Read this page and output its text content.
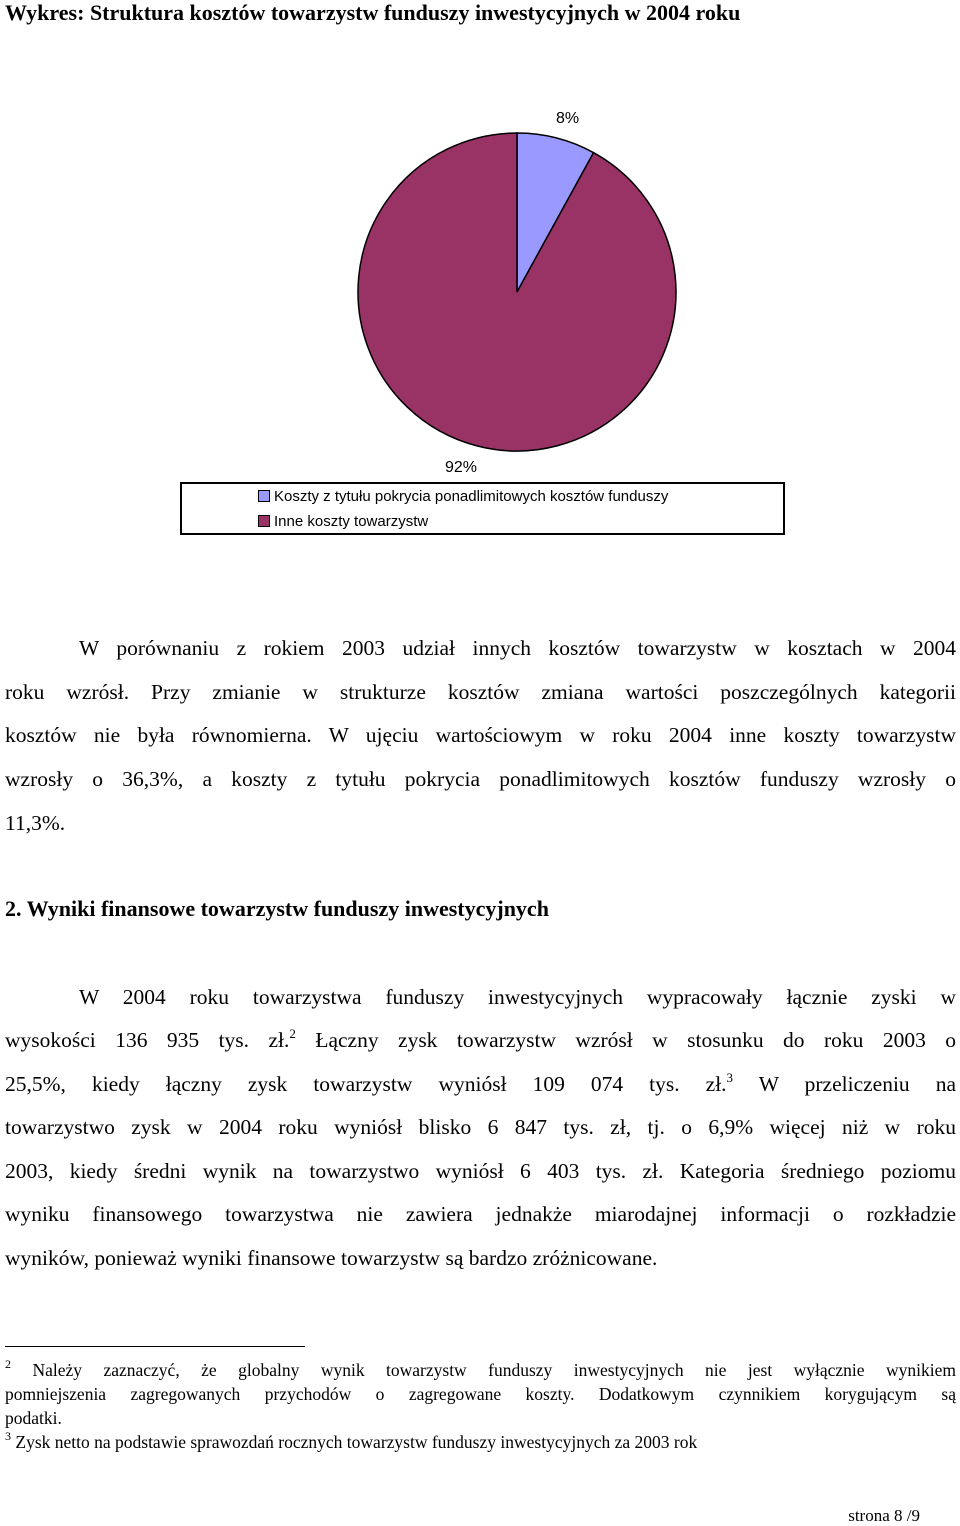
Wykres: Struktura kosztów towarzystw funduszy inwestycyjnych w 2004 roku
8%
92%
Koszty z tytułu pokrycia ponadlimitowych kosztów funduszy
Inne koszty towarzystw

W porównaniu z rokiem 2003 udział innych kosztów towarzystw w kosztach w 2004

roku wzrósł. Przy zmianie w strukturze kosztów zmiana wartości poszczególnych kategorii

kosztów nie była równomierna. W ujęciu wartościowym w roku 2004 inne koszty towarzystw

wzrosły o 36,3%, a koszty z tytułu pokrycia ponadlimitowych kosztów funduszy wzrosły o

11,3%.

2. Wyniki finansowe towarzystw funduszy inwestycyjnych

W 2004 roku towarzystwa funduszy inwestycyjnych wypracowały łącznie zyski w

wysokości 136 935 tys. zł.$^2$ Łączny zysk towarzystw wzrósł w stosunku do roku 2003 o

25,5%, kiedy łączny zysk towarzystw wyniósł 109 074 tys. zł.$^3$ W przeliczeniu na

towarzystwo zysk w 2004 roku wyniósł blisko 6 847 tys. zł, tj. o 6,9% więcej niż w roku

2003, kiedy średni wynik na towarzystwo wyniósł 6 403 tys. zł. Kategoria średniego poziomu

wyniku finansowego towarzystwa nie zawiera jednakże miarodajnej informacji o rozkładzie

wyników, ponieważ wyniki finansowe towarzystw są bardzo zróżnicowane.

$^2$ Należy zaznaczyć, że globalny wynik towarzystw funduszy inwestycyjnych nie jest wyłącznie wynikiem

pomniejszenia zagregowanych przychodów o zagregowane koszty. Dodatkowym czynnikiem korygującym są

podatki.

$^3$ Zysk netto na podstawie sprawozdań rocznych towarzystw funduszy inwestycyjnych za 2003 rok

strona 8 /9
